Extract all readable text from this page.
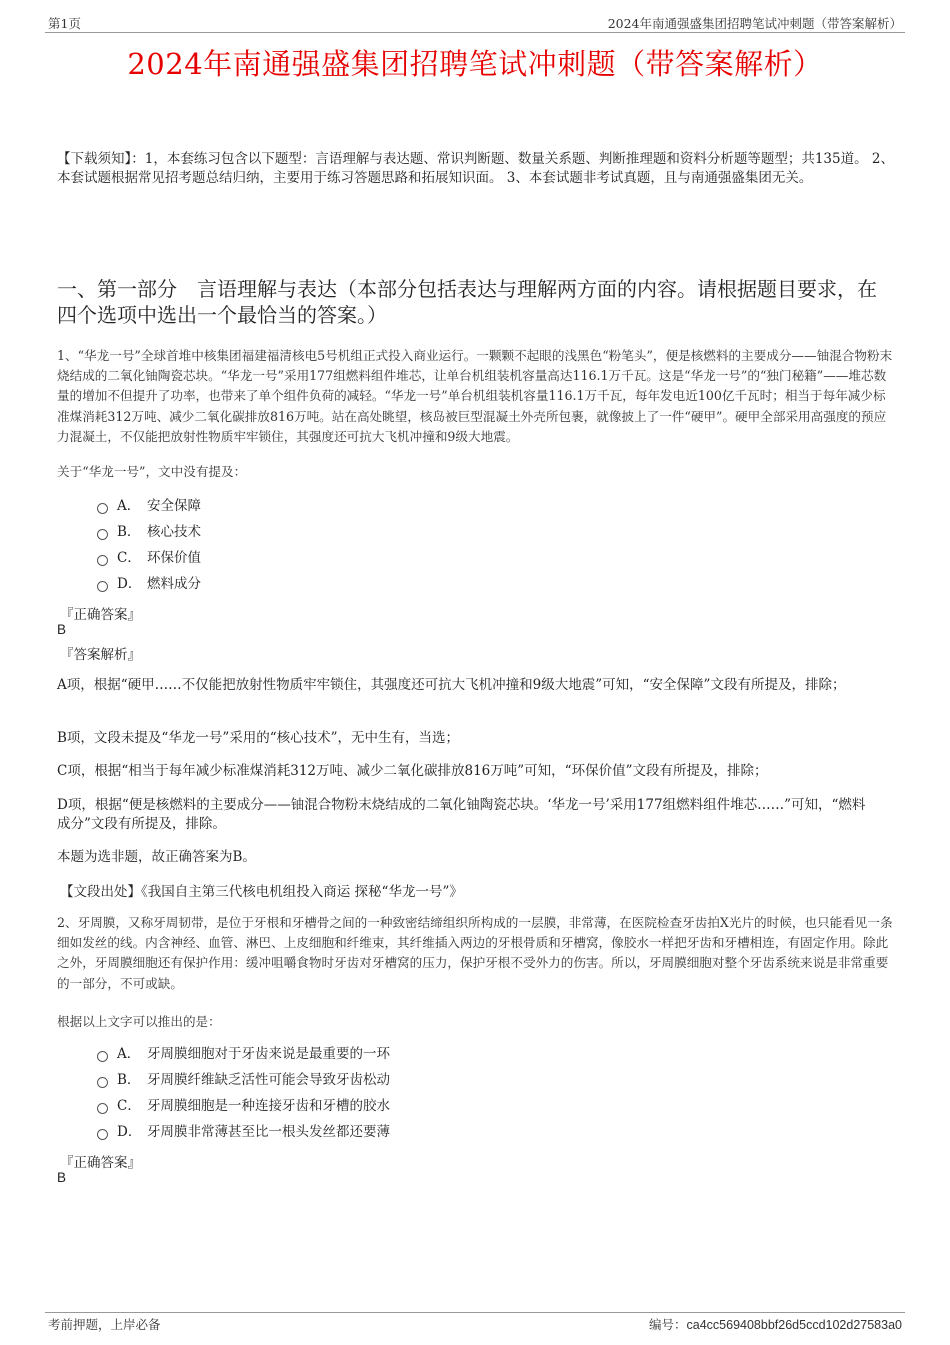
第1页	2024年南通强盛集团招聘笔试冲刺题（带答案解析）
2024年南通强盛集团招聘笔试冲刺题（带答案解析）
【下载须知】：1，本套练习包含以下题型：言语理解与表达题、常识判断题、数量关系题、判断推理题和资料分析题等题型；共135道。 2、本套试题根据常见招考题总结归纳，主要用于练习答题思路和拓展知识面。 3、本套试题非考试真题，且与南通强盛集团无关。
一、第一部分　言语理解与表达（本部分包括表达与理解两方面的内容。请根据题目要求，在四个选项中选出一个最恰当的答案。）
1、“华龙一号”全球首堆中核集团福建福清核电5号机组正式投入商业运行。一颗颗不起眼的浅黑色“粉笔头”，便是核燃料的主要成分——铀混合物粉末烧结成的二氧化铀陶瓷芯块。“华龙一号”采用177组燃料组件堆芯，让单台机组装机容量高达116.1万千瓦。这是“华龙一号”的“独门秘籍”——堆芯数量的增加不但提升了功率，也带来了单个组件负荷的减轻。“华龙一号”单台机组装机容量116.1万千瓦，每年发电近100亿千瓦时；相当于每年减少标准煤消耗312万吨、减少二氧化碳排放816万吨。站在高处眺望，核岛被巨型混凝土外壳所包裹，就像披上了一件“硬甲”。硬甲全部采用高强度的预应力混凝土，不仅能把放射性物质牢牢锁住，其强度还可抗大飞机冲撞和9级大地震。
关于“华龙一号”，文中没有提及：
A． 安全保障
B． 核心技术
C． 环保价值
D． 燃料成分
『正确答案』
B
『答案解析』
A项，根据“硬甲……不仅能把放射性物质牢牢锁住，其强度还可抗大飞机冲撞和9级大地震”可知，“安全保障”文段有所提及，排除；
B项，文段未提及“华龙一号”采用的“核心技术”，无中生有，当选；
C项，根据“相当于每年减少标准煤消耗312万吨、减少二氧化碳排放816万吨”可知，“环保价值”文段有所提及，排除；
D项，根据“便是核燃料的主要成分——铀混合物粉末烧结成的二氧化铀陶瓷芯块。‘华龙一号’采用177组燃料组件堆芯……”可知，“燃料成分”文段有所提及，排除。
本题为选非题，故正确答案为B。
【文段出处】《我国自主第三代核电机组投入商运 探秘“华龙一号”》
2、牙周膜，又称牙周韧带，是位于牙根和牙槽骨之间的一种致密结缔组织所构成的一层膜，非常薄，在医院检查牙齿拍X光片的时候，也只能看见一条细如发丝的线。内含神经、血管、淋巴、上皮细胞和纤维束，其纤维插入两边的牙根骨质和牙槽窝，像胶水一样把牙齿和牙槽相连，有固定作用。除此之外，牙周膜细胞还有保护作用：缓冲咀嚼食物时牙齿对牙槽窝的压力，保护牙根不受外力的伤害。所以，牙周膜细胞对整个牙齿系统来说是非常重要的一部分，不可或缺。
根据以上文字可以推出的是：
A． 牙周膜细胞对于牙齿来说是最重要的一环
B． 牙周膜纤维缺乏活性可能会导致牙齿松动
C． 牙周膜细胞是一种连接牙齿和牙槽的胶水
D． 牙周膜非常薄甚至比一根头发丝都还要薄
『正确答案』
B
考前押题，上岸必备	编号：ca4cc569408bbf26d5ccd102d27583a0
